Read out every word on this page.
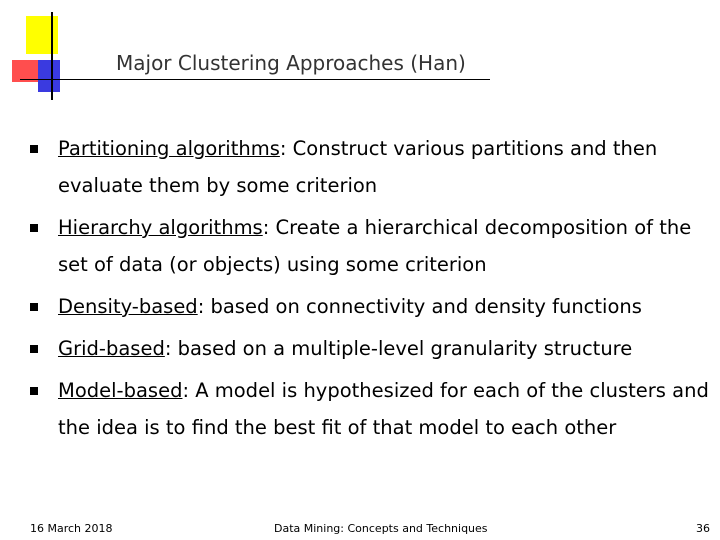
Major Clustering Approaches (Han)
Partitioning algorithms: Construct various partitions and then evaluate them by some criterion
Hierarchy algorithms: Create a hierarchical decomposition of the set of data (or objects) using some criterion
Density-based: based on connectivity and density functions
Grid-based: based on a multiple-level granularity structure
Model-based: A model is hypothesized for each of the clusters and the idea is to find the best fit of that model to each other
16 March 2018	Data Mining: Concepts and Techniques	36
